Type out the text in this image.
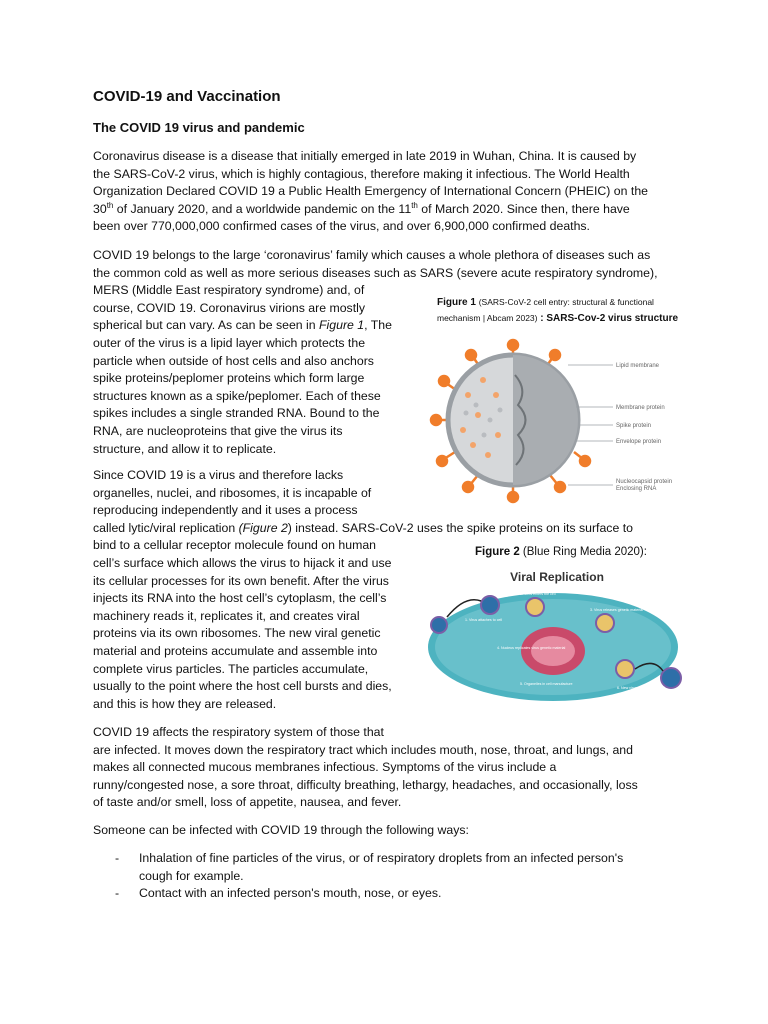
COVID-19 and Vaccination
The COVID 19 virus and pandemic
Coronavirus disease is a disease that initially emerged in late 2019 in Wuhan, China. It is caused by
the SARS-CoV-2 virus, which is highly contagious, therefore making it infectious. The World Health
Organization Declared COVID 19 a Public Health Emergency of International Concern (PHEIC) on the
30th of January 2020, and a worldwide pandemic on the 11th of March 2020. Since then, there have
been over 770,000,000 confirmed cases of the virus, and over 6,900,000 confirmed deaths.
COVID 19 belongs to the large ‘coronavirus’ family which causes a whole plethora of diseases such as
the common cold as well as more serious diseases such as SARS (severe acute respiratory syndrome),
MERS (Middle East respiratory syndrome) and, of
course, COVID 19. Coronavirus virions are mostly
spherical but can vary. As can be seen in Figure 1, The
outer of the virus is a lipid layer which protects the
particle when outside of host cells and also anchors
spike proteins/peplomer proteins which form large
structures known as a spike/peplomer. Each of these
spikes includes a single stranded RNA. Bound to the
RNA, are nucleoproteins that give the virus its
structure, and allow it to replicate.
Figure 1 (SARS-CoV-2 cell entry: structural & functional
mechanism | Abcam 2023) : SARS-Cov-2 virus structure
Lipid membrane
Membrane protein
Spike protein
Envelope protein
Nucleocapsid protein
Enclosing RNA
Since COVID 19 is a virus and therefore lacks
organelles, nuclei, and ribosomes, it is incapable of
reproducing independently and it uses a process
called lytic/viral replication (Figure 2) instead. SARS-CoV-2 uses the spike proteins on its surface to
bind to a cellular receptor molecule found on human
cell’s surface which allows the virus to hijack it and use
its cellular processes for its own benefit. After the virus
injects its RNA into the host cell’s cytoplasm, the cell’s
machinery reads it, replicates it, and creates viral
proteins via its own ribosomes. The new viral genetic
material and proteins accumulate and assemble into
complete virus particles. The particles accumulate,
usually to the point where the host cell bursts and dies,
and this is how they are released.
Figure 2 (Blue Ring Media 2020):
Viral Replication
1. Virus attaches to cell
2. Virus enters the cell
3. Virus releases genetic material
4. Nucleus replicates virus genetic material
5. Organelles in cell manufacture
6. New virus breaks out of cell
COVID 19 affects the respiratory system of those that
are infected. It moves down the respiratory tract which includes mouth, nose, throat, and lungs, and
makes all connected mucous membranes infectious. Symptoms of the virus include a
runny/congested nose, a sore throat, difficulty breathing, lethargy, headaches, and occasionally, loss
of taste and/or smell, loss of appetite, nausea, and fever.
Someone can be infected with COVID 19 through the following ways:
- Inhalation of fine particles of the virus, or of respiratory droplets from an infected person's
cough for example.
- Contact with an infected person's mouth, nose, or eyes.
